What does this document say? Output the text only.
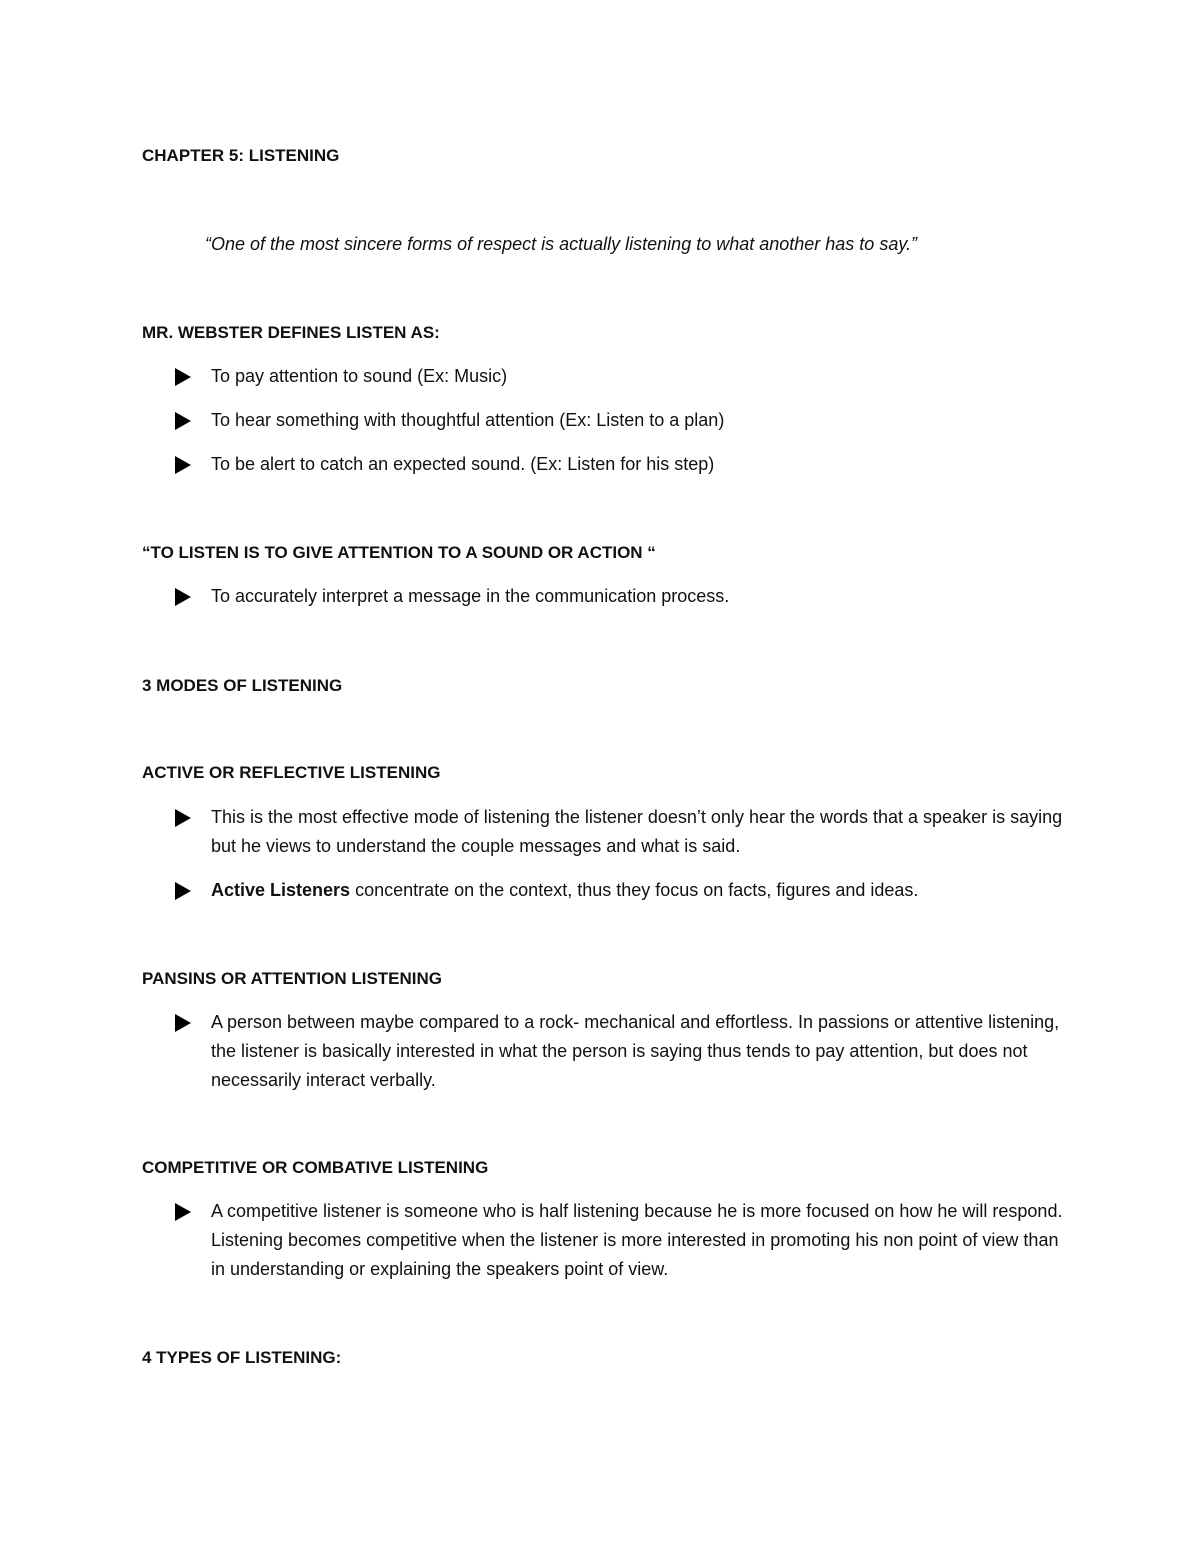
CHAPTER 5: LISTENING
“One of the most sincere forms of respect is actually listening to what another has to say.”
MR. WEBSTER DEFINES LISTEN AS:
To pay attention to sound (Ex: Music)
To hear something with thoughtful attention (Ex: Listen to a plan)
To be alert to catch an expected sound. (Ex: Listen for his step)
“TO LISTEN IS TO GIVE ATTENTION TO A SOUND OR ACTION “
To accurately interpret a message in the communication process.
3 MODES OF LISTENING
ACTIVE OR REFLECTIVE LISTENING
This is the most effective mode of listening the listener doesn’t only hear the words that a speaker is saying but he views to understand the couple messages and what is said.
Active Listeners concentrate on the context, thus they focus on facts, figures and ideas.
PANSINS OR ATTENTION LISTENING
A person between maybe compared to a rock- mechanical and effortless. In passions or attentive listening, the listener is basically interested in what the person is saying thus tends to pay attention, but does not necessarily interact verbally.
COMPETITIVE OR COMBATIVE LISTENING
A competitive listener is someone who is half listening because he is more focused on how he will respond. Listening becomes competitive when the listener is more interested in promoting his non point of view than in understanding or explaining the speakers point of view.
4 TYPES OF LISTENING:
